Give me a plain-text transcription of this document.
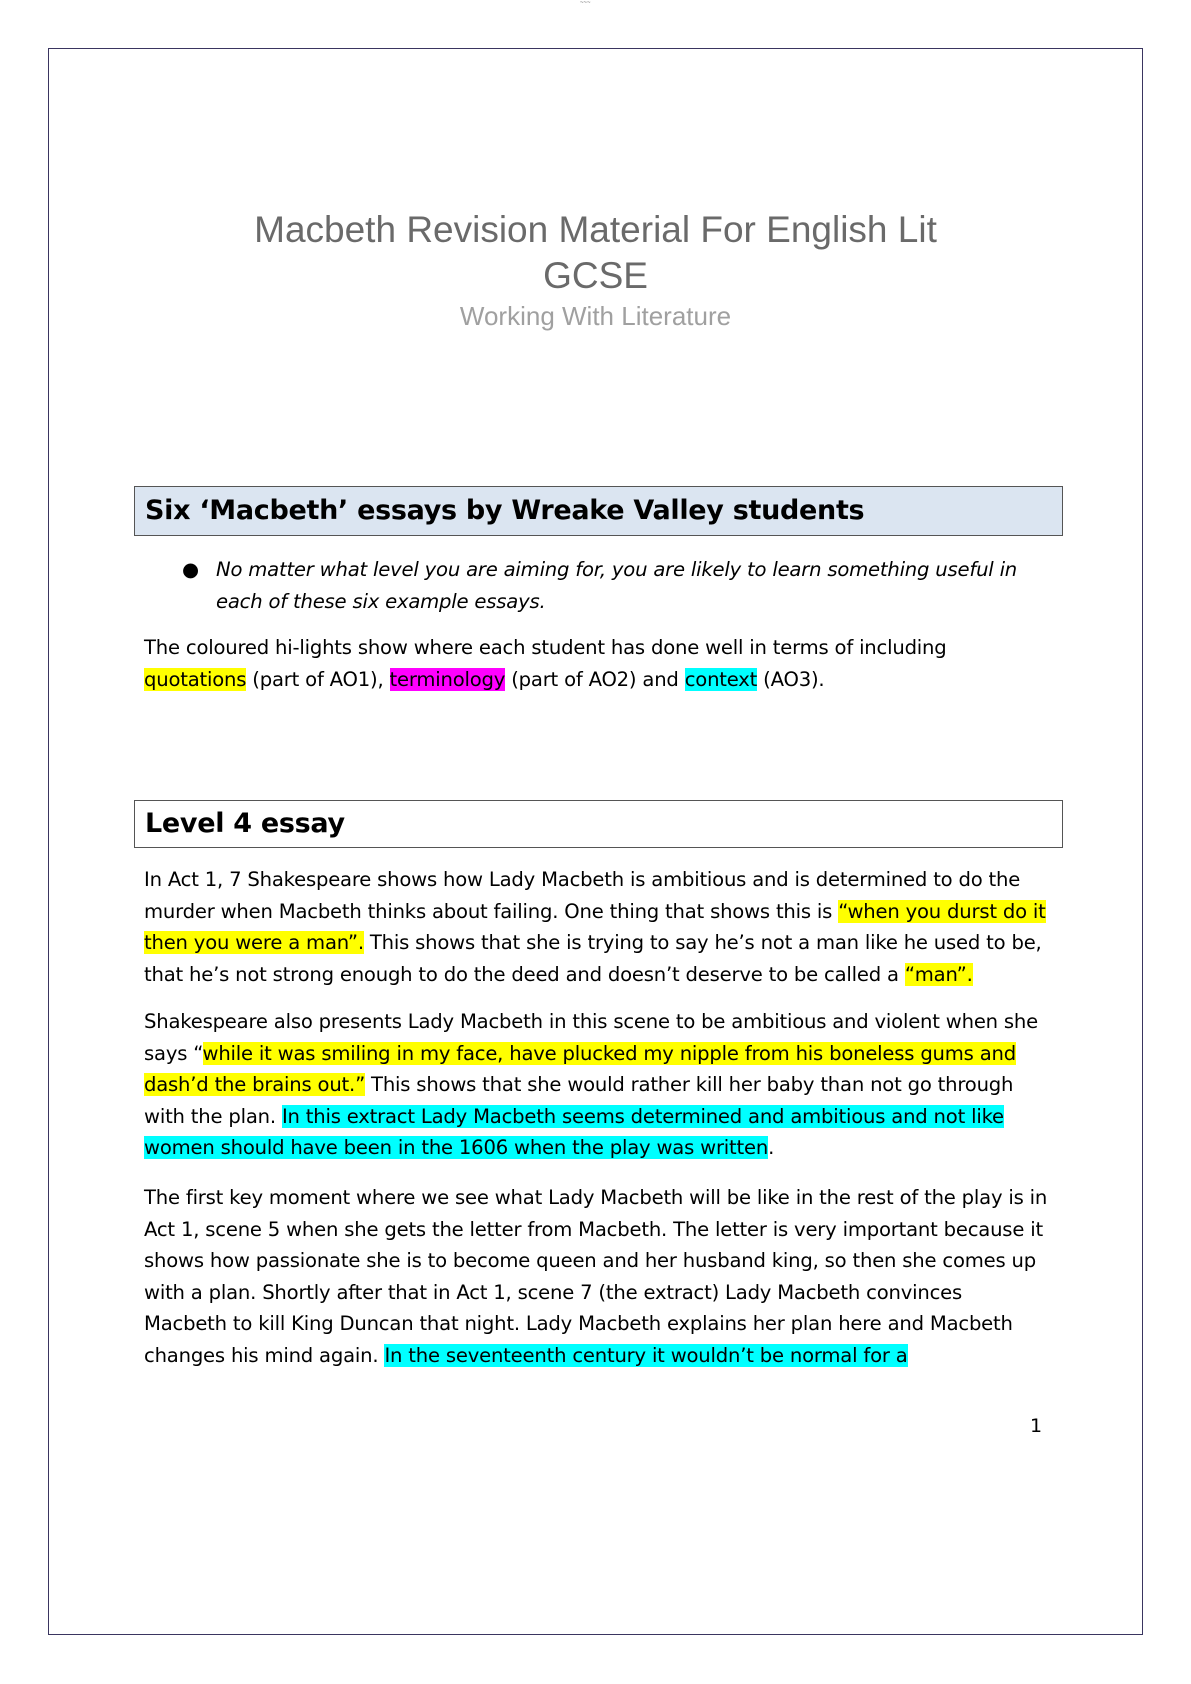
~~~
Macbeth Revision Material For English Lit
GCSE
Working With Literature
Six ‘Macbeth’ essays by Wreake Valley students
● No matter what level you are aiming for, you are likely to learn something useful in each of these six example essays.
The coloured hi-lights show where each student has done well in terms of including quotations (part of AO1), terminology (part of AO2) and context (AO3).
Level 4 essay
In Act 1, 7 Shakespeare shows how Lady Macbeth is ambitious and is determined to do the murder when Macbeth thinks about failing. One thing that shows this is “when you durst do it then you were a man”. This shows that she is trying to say he’s not a man like he used to be, that he’s not strong enough to do the deed and doesn’t deserve to be called a “man”.
Shakespeare also presents Lady Macbeth in this scene to be ambitious and violent when she says “while it was smiling in my face, have plucked my nipple from his boneless gums and dash’d the brains out.” This shows that she would rather kill her baby than not go through with the plan. In this extract Lady Macbeth seems determined and ambitious and not like women should have been in the 1606 when the play was written.
The first key moment where we see what Lady Macbeth will be like in the rest of the play is in Act 1, scene 5 when she gets the letter from Macbeth. The letter is very important because it shows how passionate she is to become queen and her husband king, so then she comes up with a plan. Shortly after that in Act 1, scene 7 (the extract) Lady Macbeth convinces Macbeth to kill King Duncan that night. Lady Macbeth explains her plan here and Macbeth changes his mind again. In the seventeenth century it wouldn’t be normal for a
1
